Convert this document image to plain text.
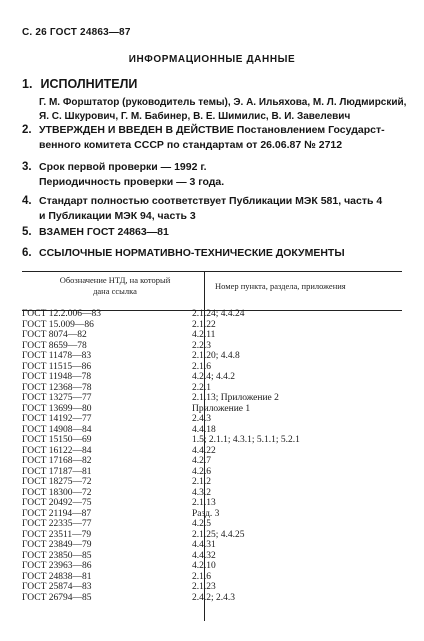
С. 26 ГОСТ 24863—87
ИНФОРМАЦИОННЫЕ ДАННЫЕ
1. ИСПОЛНИТЕЛИ
Г. М. Форштатор (руководитель темы), Э. А. Ильяхова, М. Л. Людмирский,
Я. С. Шкурович, Г. М. Бабинер, В. Е. Шимилис, В. И. Завелевич
2. УТВЕРЖДЕН И ВВЕДЕН В ДЕЙСТВИЕ Постановлением Государст-
венного комитета СССР по стандартам от 26.06.87 № 2712
3. Срок первой проверки — 1992 г.
Периодичность проверки — 3 года.
4. Стандарт полностью соответствует Публикации МЭК 581, часть 4
и Публикации МЭК 94, часть 3
5. ВЗАМЕН ГОСТ 24863—81
6. ССЫЛОЧНЫЕ НОРМАТИВНО-ТЕХНИЧЕСКИЕ ДОКУМЕНТЫ
Обозначение НТД, на который
дана ссылка	Номер пункта, раздела, приложения
ГОСТ 12.2.006—83	2.1.24; 4.4.24
ГОСТ 15.009—86	2.1.22
ГОСТ 8074—82	4.2.11
ГОСТ 8659—78	2.2.3
ГОСТ 11478—83	2.1.20; 4.4.8
ГОСТ 11515—86	2.1.6
ГОСТ 11948—78	4.2.4; 4.4.2
ГОСТ 12368—78	2.2.1
ГОСТ 13275—77	2.1.13; Приложение 2
ГОСТ 13699—80	Приложение 1
ГОСТ 14192—77	2.4.3
ГОСТ 14908—84	4.4.18
ГОСТ 15150—69	1.5; 2.1.1; 4.3.1; 5.1.1; 5.2.1
ГОСТ 16122—84	4.4.22
ГОСТ 17168—82	4.2.7
ГОСТ 17187—81	4.2.6
ГОСТ 18275—72	2.1.2
ГОСТ 18300—72	4.3.2
ГОСТ 20492—75	2.1.13
ГОСТ 21194—87	Разд. 3
ГОСТ 22335—77	4.2.5
ГОСТ 23511—79	2.1.25; 4.4.25
ГОСТ 23849—79	4.4.31
ГОСТ 23850—85	4.4.32
ГОСТ 23963—86	4.2.10
ГОСТ 24838—81	2.1.6
ГОСТ 25874—83	2.1.23
ГОСТ 26794—85	2.4.2; 2.4.3
